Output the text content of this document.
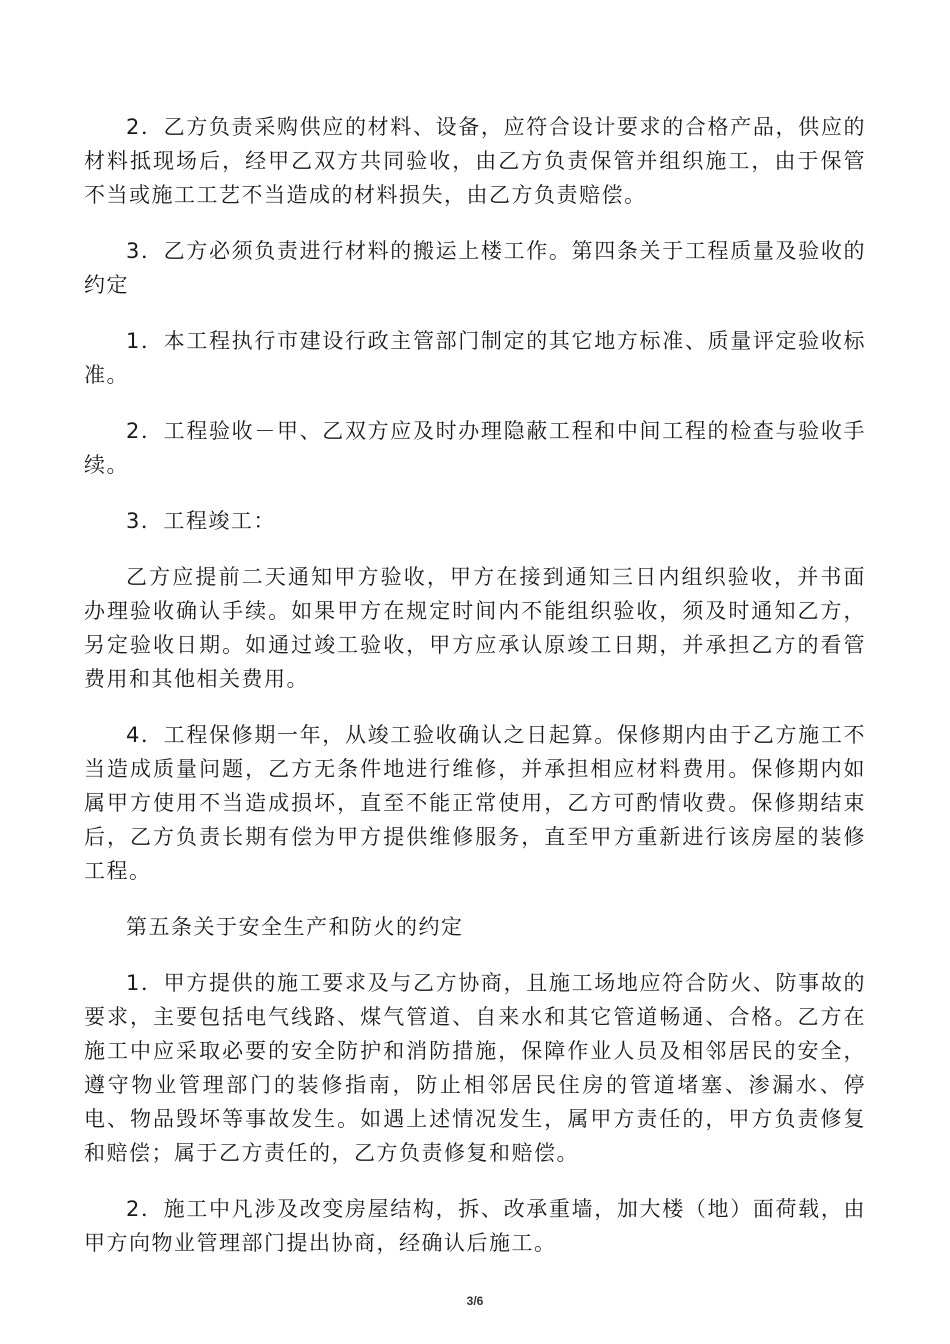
2．乙方负责采购供应的材料、设备，应符合设计要求的合格产品，供应的材料抵现场后，经甲乙双方共同验收，由乙方负责保管并组织施工，由于保管不当或施工工艺不当造成的材料损失，由乙方负责赔偿。

3．乙方必须负责进行材料的搬运上楼工作。第四条关于工程质量及验收的约定

1．本工程执行市建设行政主管部门制定的其它地方标准、质量评定验收标准。

2．工程验收－甲、乙双方应及时办理隐蔽工程和中间工程的检查与验收手续。

3．工程竣工：

乙方应提前二天通知甲方验收，甲方在接到通知三日内组织验收，并书面办理验收确认手续。如果甲方在规定时间内不能组织验收，须及时通知乙方，另定验收日期。如通过竣工验收，甲方应承认原竣工日期，并承担乙方的看管费用和其他相关费用。

4．工程保修期一年，从竣工验收确认之日起算。保修期内由于乙方施工不当造成质量问题，乙方无条件地进行维修，并承担相应材料费用。保修期内如属甲方使用不当造成损坏，直至不能正常使用，乙方可酌情收费。保修期结束后，乙方负责长期有偿为甲方提供维修服务，直至甲方重新进行该房屋的装修工程。

第五条关于安全生产和防火的约定

1．甲方提供的施工要求及与乙方协商，且施工场地应符合防火、防事故的要求，主要包括电气线路、煤气管道、自来水和其它管道畅通、合格。乙方在施工中应采取必要的安全防护和消防措施，保障作业人员及相邻居民的安全，遵守物业管理部门的装修指南，防止相邻居民住房的管道堵塞、渗漏水、停电、物品毁坏等事故发生。如遇上述情况发生，属甲方责任的，甲方负责修复和赔偿；属于乙方责任的，乙方负责修复和赔偿。

2．施工中凡涉及改变房屋结构，拆、改承重墙，加大楼（地）面荷载，由甲方向物业管理部门提出协商，经确认后施工。

3/6
